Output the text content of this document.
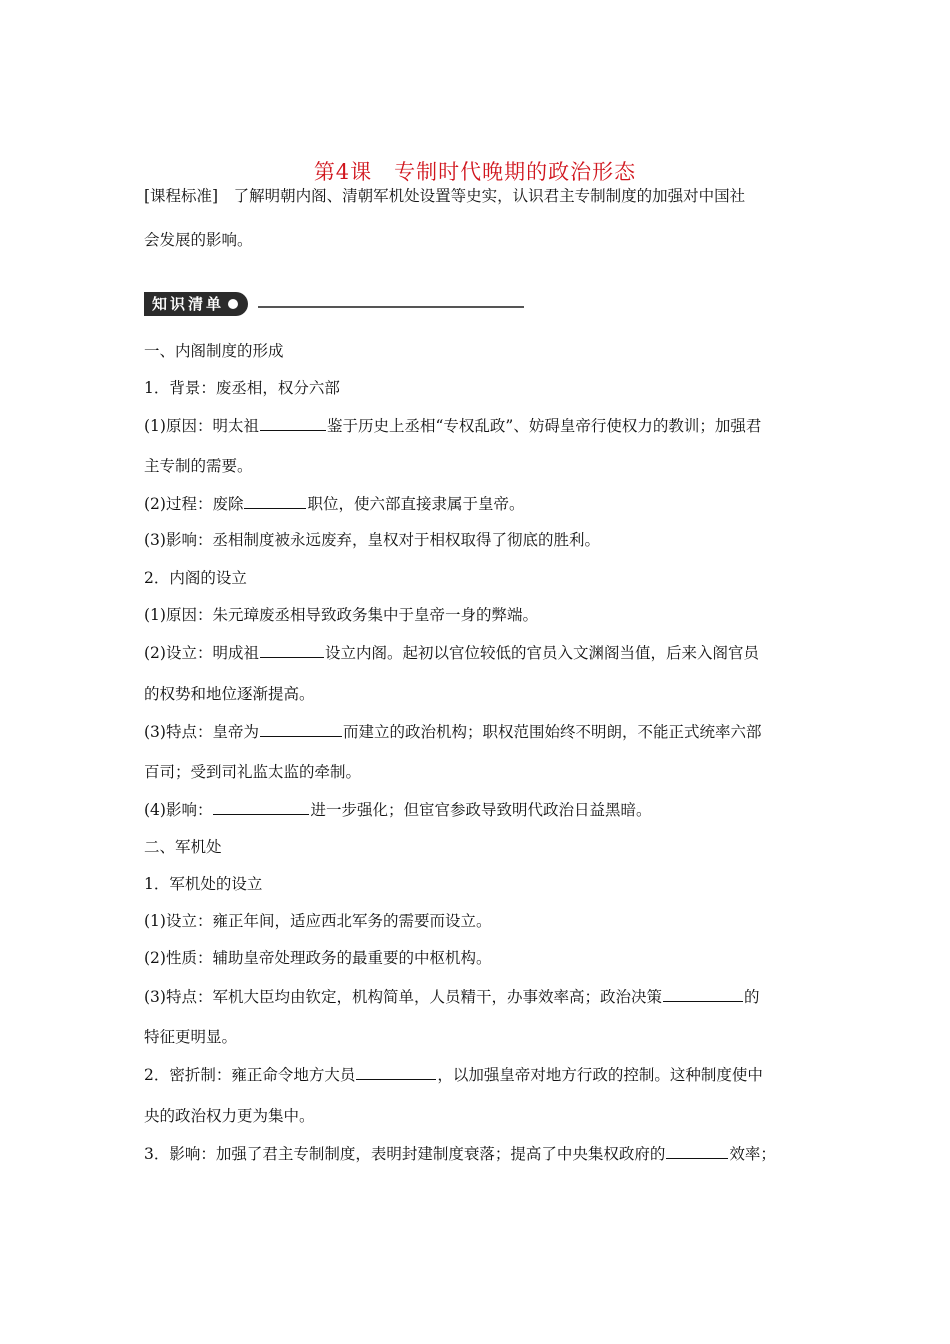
第4课　专制时代晚期的政治形态
[课程标准]　了解明朝内阁、清朝军机处设置等史实，认识君主专制制度的加强对中国社
会发展的影响。
知识清单
一、内阁制度的形成
1．背景：废丞相，权分六部
(1)原因：明太祖	鉴于历史上丞相“专权乱政”、妨碍皇帝行使权力的教训；加强君
主专制的需要。
(2)过程：废除	职位，使六部直接隶属于皇帝。
(3)影响：丞相制度被永远废弃，皇权对于相权取得了彻底的胜利。
2．内阁的设立
(1)原因：朱元璋废丞相导致政务集中于皇帝一身的弊端。
(2)设立：明成祖	设立内阁。起初以官位较低的官员入文渊阁当值，后来入阁官员
的权势和地位逐渐提高。
(3)特点：皇帝为	而建立的政治机构；职权范围始终不明朗，不能正式统率六部
百司；受到司礼监太监的牵制。
(4)影响：	进一步强化；但宦官参政导致明代政治日益黑暗。
二、军机处
1．军机处的设立
(1)设立：雍正年间，适应西北军务的需要而设立。
(2)性质：辅助皇帝处理政务的最重要的中枢机构。
(3)特点：军机大臣均由钦定，机构简单，人员精干，办事效率高；政治决策	的
特征更明显。
2．密折制：雍正命令地方大员	，以加强皇帝对地方行政的控制。这种制度使中
央的政治权力更为集中。
3．影响：加强了君主专制制度，表明封建制度衰落；提高了中央集权政府的	效率；
